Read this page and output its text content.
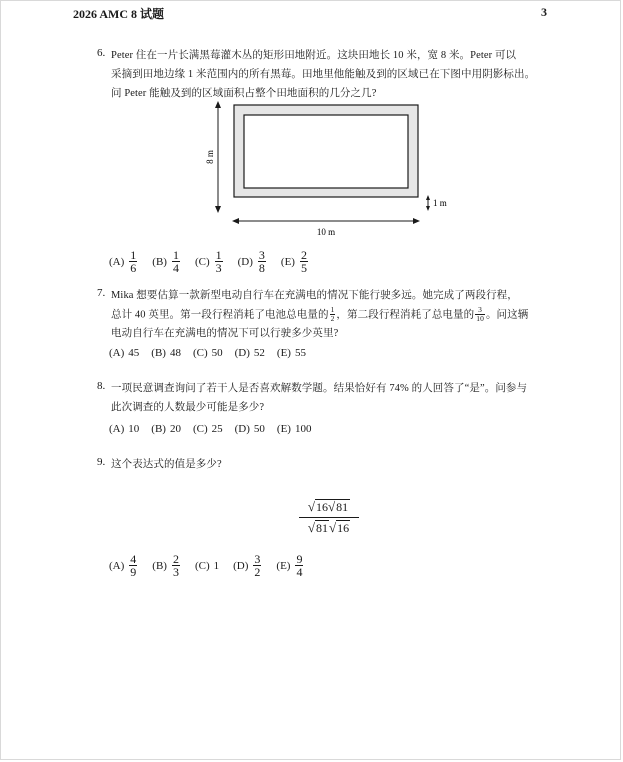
2026 AMC 8 试题	3
6. Peter 住在一片长满黑莓灌木丛的矩形田地附近。这块田地长 10 米，宽 8 米。Peter 可以
采摘到田地边缘 1 米范围内的所有黑莓。田地里他能触及到的区域已在下图中用阴影标出。
问 Peter 能触及到的区域面积占整个田地面积的几分之几?
8 m
10 m
1 m
$(A) \frac{1}{6} (B) \frac{1}{4} (C) \frac{1}{3} (D) \frac{3}{8} (E) \frac{2}{5}$
7. Mika 想要估算一款新型电动自行车在充满电的情况下能行驶多远。她完成了两段行程，
总计 40 英里。第一段行程消耗了电池总电量的 $\frac{1}{2}$ ，第二段行程消耗了总电量的 $\frac{3}{10}$ 。问这辆
电动自行车在充满电的情况下可以行驶多少英里?
(A) 45 (B) 48 (C) 50 (D) 52 (E) 55
8. 一项民意调查询问了若干人是否喜欢解数学题。结果恰好有 74% 的人回答了“是”。问参与
此次调查的人数最少可能是多少?
(A) 10 (B) 20 (C) 25 (D) 50 (E) 100
9. 这个表达式的值是多少?
$\frac{√16√81}{√81√16}$
$(A) \frac{4}{9} (B) \frac{2}{3} (C)$ 1 $(D) \frac{3}{2} (E) \frac{9}{4}$
